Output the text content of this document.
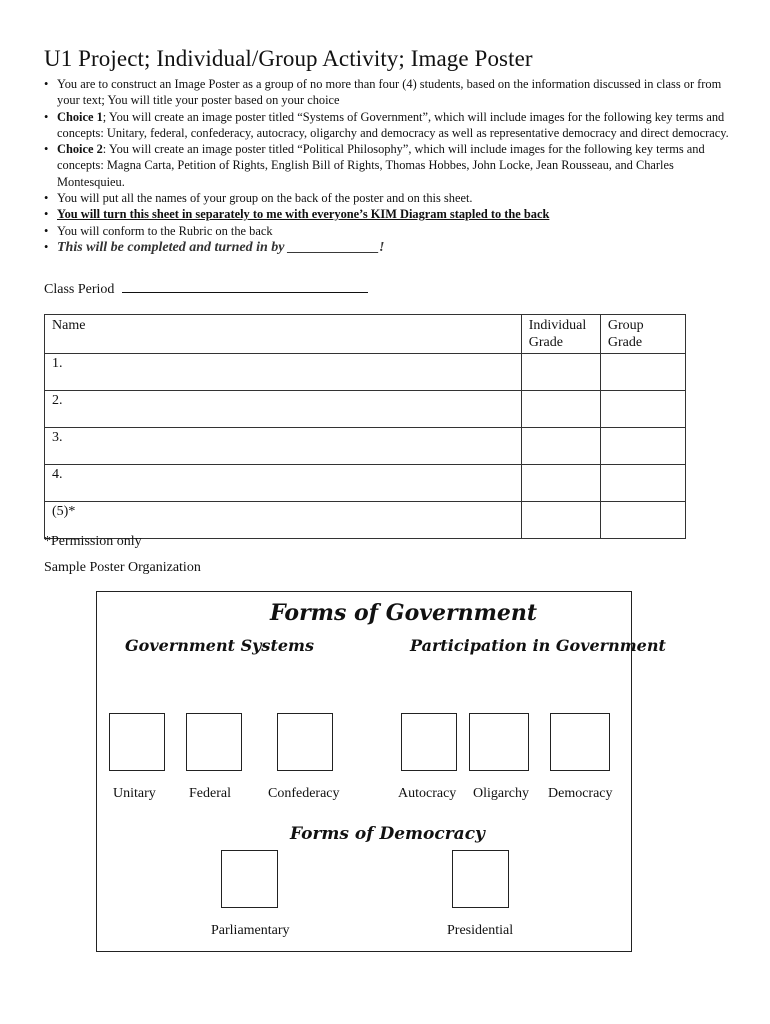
U1 Project; Individual/Group Activity; Image Poster
• You are to construct an Image Poster as a group of no more than four (4) students, based on the information discussed in class or from your text; You will title your poster based on your choice
• Choice 1; You will create an image poster titled “Systems of Government”, which will include images for the following key terms and concepts: Unitary, federal, confederacy, autocracy, oligarchy and democracy as well as representative democracy and direct democracy.
• Choice 2: You will create an image poster titled “Political Philosophy”, which will include images for the following key terms and concepts: Magna Carta, Petition of Rights, English Bill of Rights, Thomas Hobbes, John Locke, Jean Rousseau, and Charles Montesquieu.
• You will put all the names of your group on the back of the poster and on this sheet.
• You will turn this sheet in separately to me with everyone’s KIM Diagram stapled to the back
• You will conform to the Rubric on the back
• This will be completed and turned in by _____________!
Class Period
Name	Individual Grade	Group Grade
1.		
2.		
3.		
4.		
(5)*		
*Permission only
Sample Poster Organization
Forms of Government
Government Systems	Participation in Government
Unitary Federal	Confederacy	Autocracy Oligarchy Democracy
Forms of Democracy
Parliamentary	Presidential
